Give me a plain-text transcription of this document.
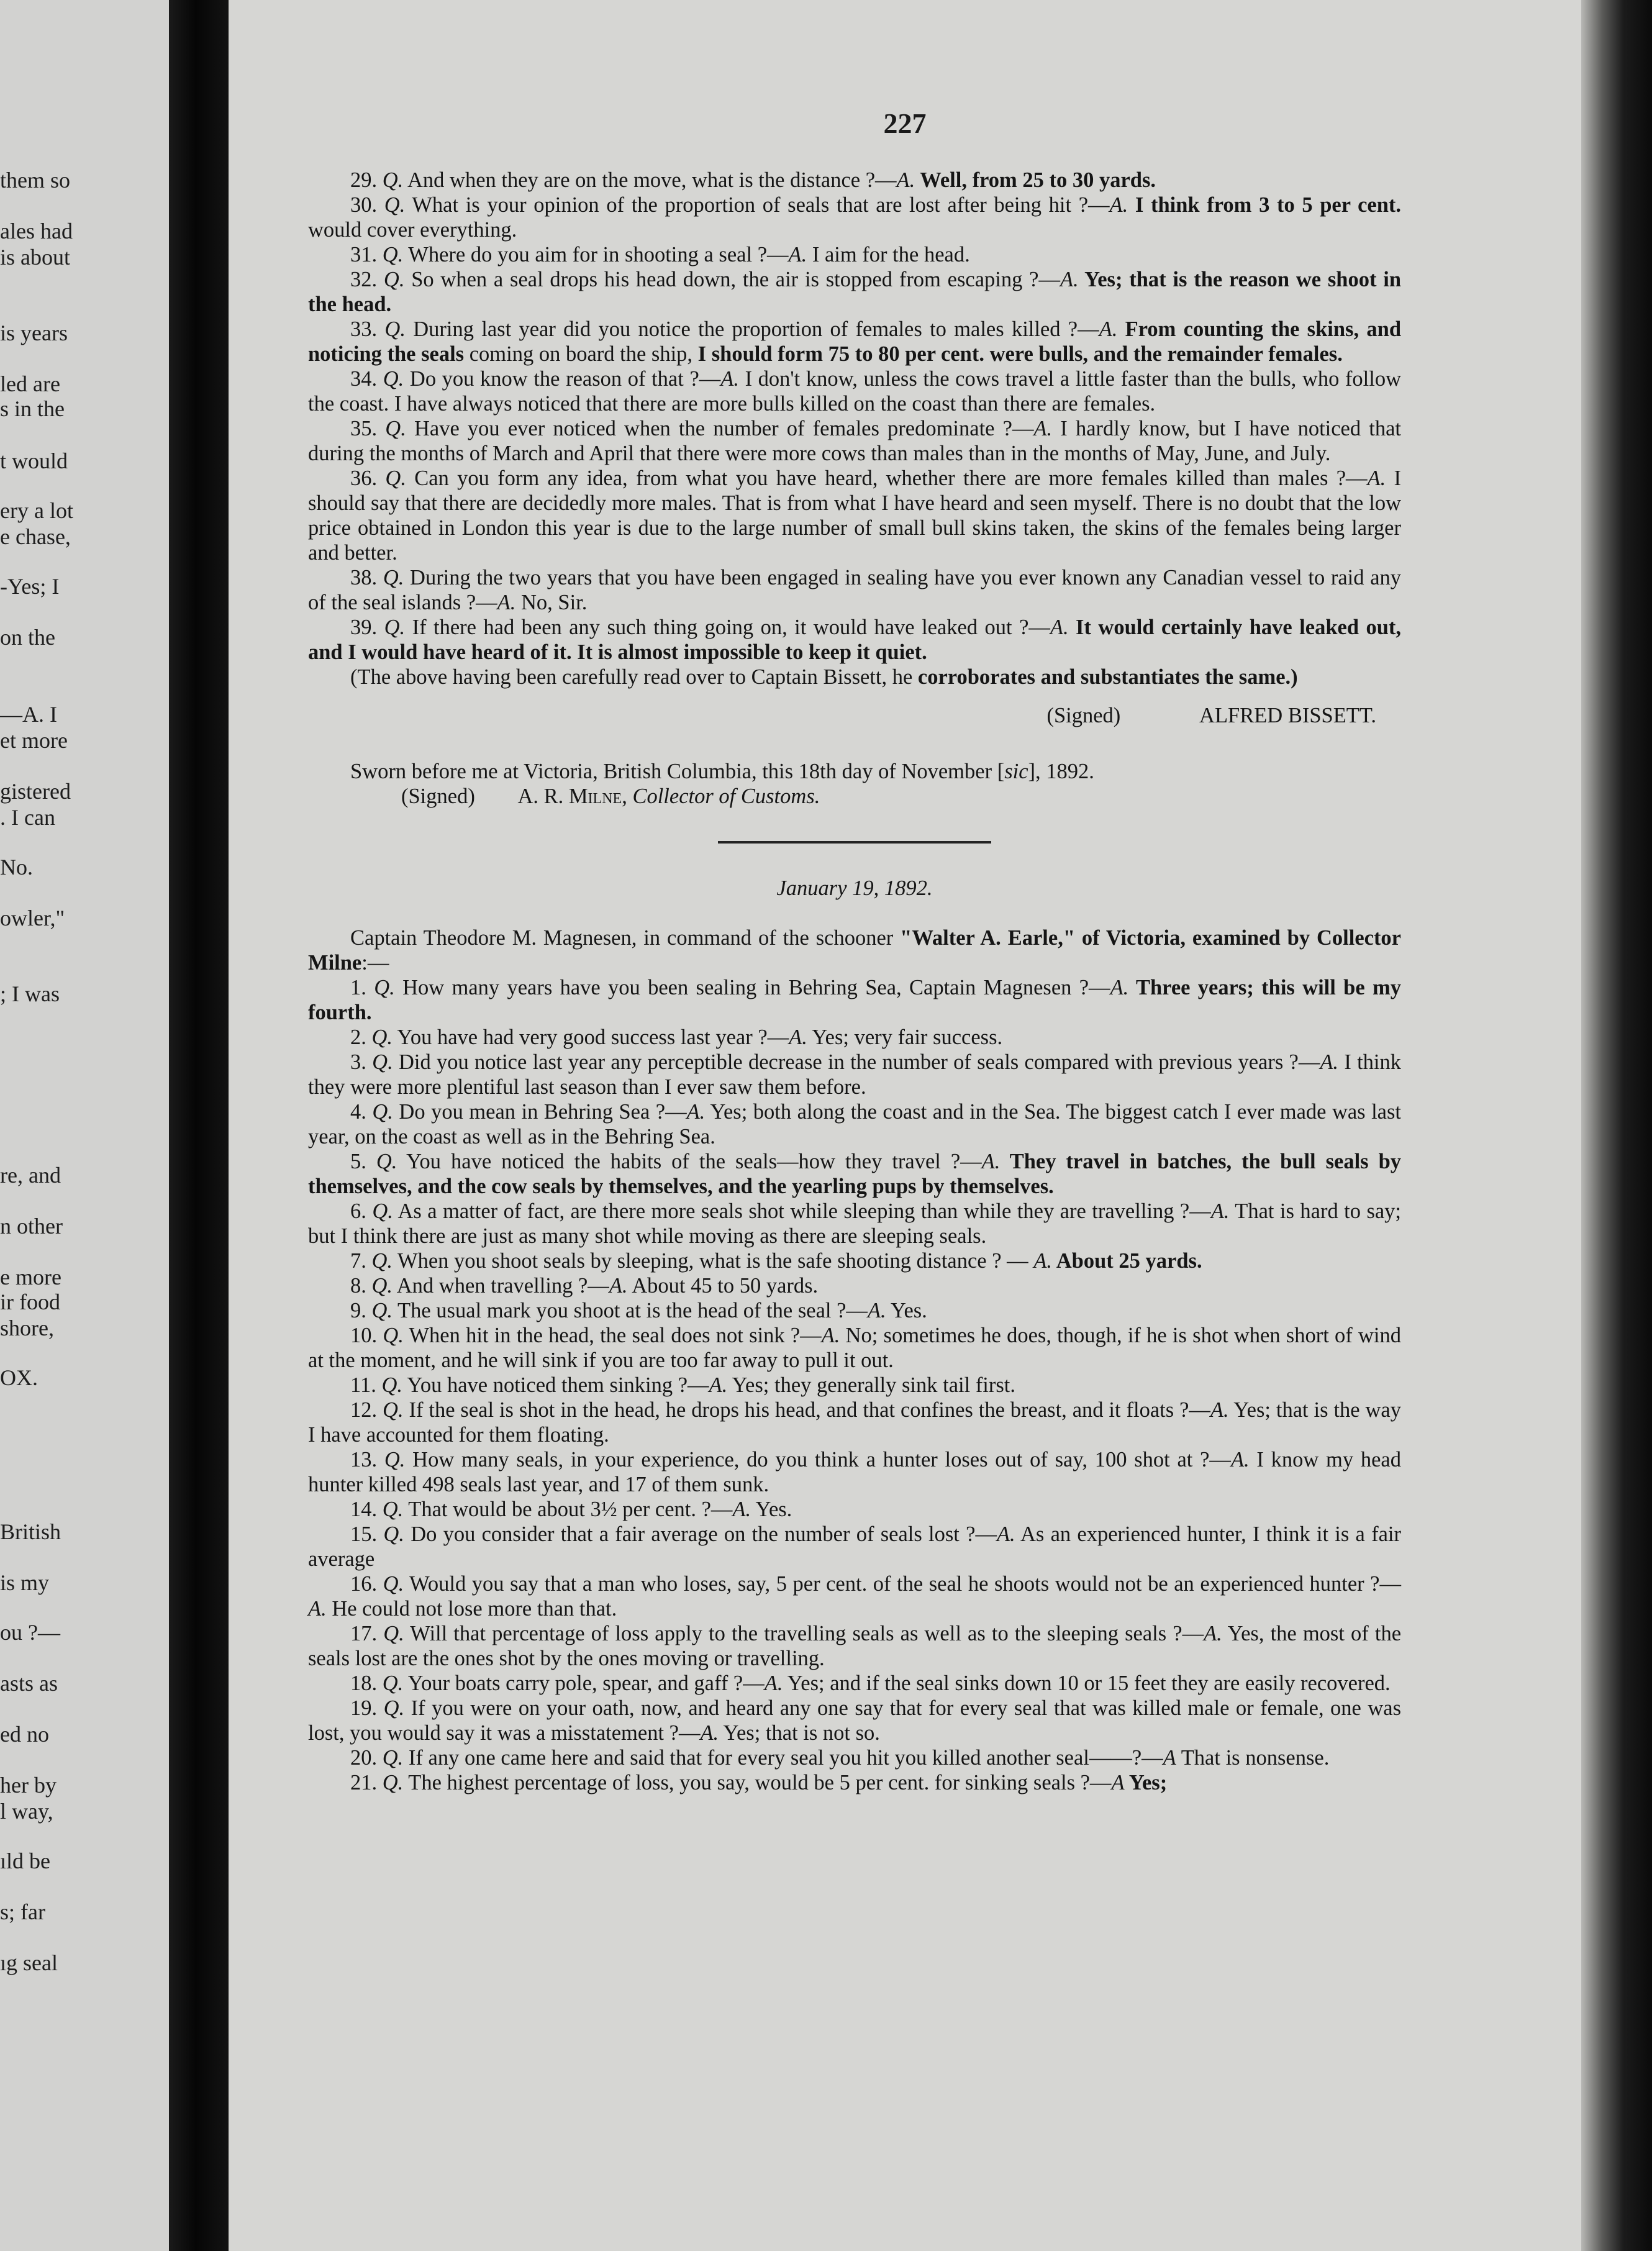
them so
ales had
is about
is years
led are
s in the
t would
ery a lot
e chase,
-Yes; I
on the
—A. I
et more
gistered
. I can
No.
owler,"
; I was
re, and
n other
e more
ir food
shore,
OX.
British
is my
ou ?—
asts as
ed no
her by
l way,
ıld be
s; far
ıg seal
227

29. Q. And when they are on the move, what is the distance ?—A. Well, from 25 to 30 yards.

30. Q. What is your opinion of the proportion of seals that are lost after being hit ?—A. I think from 3 to 5 per cent. would cover everything.

31. Q. Where do you aim for in shooting a seal ?—A. I aim for the head.

32. Q. So when a seal drops his head down, the air is stopped from escaping ?—A. Yes; that is the reason we shoot in the head.

33. Q. During last year did you notice the proportion of females to males killed ?—A. From counting the skins, and noticing the seals coming on board the ship, I should form 75 to 80 per cent. were bulls, and the remainder females.

34. Q. Do you know the reason of that ?—A. I don't know, unless the cows travel a little faster than the bulls, who follow the coast. I have always noticed that there are more bulls killed on the coast than there are females.

35. Q. Have you ever noticed when the number of females predominate ?—A. I hardly know, but I have noticed that during the months of March and April that there were more cows than males than in the months of May, June, and July.

36. Q. Can you form any idea, from what you have heard, whether there are more females killed than males ?—A. I should say that there are decidedly more males. That is from what I have heard and seen myself. There is no doubt that the low price obtained in London this year is due to the large number of small bull skins taken, the skins of the females being larger and better.

38. Q. During the two years that you have been engaged in sealing have you ever known any Canadian vessel to raid any of the seal islands ?—A. No, Sir.

39. Q. If there had been any such thing going on, it would have leaked out ?—A. It would certainly have leaked out, and I would have heard of it. It is almost impossible to keep it quiet.

(The above having been carefully read over to Captain Bissett, he corroborates and substantiates the same.)

(Signed)	ALFRED BISSETT.

Sworn before me at Victoria, British Columbia, this 18th day of November [sic], 1892.

(Signed) A. R. Milne, Collector of Customs.

January 19, 1892.

Captain Theodore M. Magnesen, in command of the schooner "Walter A. Earle," of Victoria, examined by Collector Milne:—

1. Q. How many years have you been sealing in Behring Sea, Captain Magnesen ?—A. Three years; this will be my fourth.

2. Q. You have had very good success last year ?—A. Yes; very fair success.

3. Q. Did you notice last year any perceptible decrease in the number of seals compared with previous years ?—A. I think they were more plentiful last season than I ever saw them before.

4. Q. Do you mean in Behring Sea ?—A. Yes; both along the coast and in the Sea. The biggest catch I ever made was last year, on the coast as well as in the Behring Sea.

5. Q. You have noticed the habits of the seals—how they travel ?—A. They travel in batches, the bull seals by themselves, and the cow seals by themselves, and the yearling pups by themselves.

6. Q. As a matter of fact, are there more seals shot while sleeping than while they are travelling ?—A. That is hard to say; but I think there are just as many shot while moving as there are sleeping seals.

7. Q. When you shoot seals by sleeping, what is the safe shooting distance ? — A. About 25 yards.

8. Q. And when travelling ?—A. About 45 to 50 yards.

9. Q. The usual mark you shoot at is the head of the seal ?—A. Yes.

10. Q. When hit in the head, the seal does not sink ?—A. No; sometimes he does, though, if he is shot when short of wind at the moment, and he will sink if you are too far away to pull it out.

11. Q. You have noticed them sinking ?—A. Yes; they generally sink tail first.

12. Q. If the seal is shot in the head, he drops his head, and that confines the breast, and it floats ?—A. Yes; that is the way I have accounted for them floating.

13. Q. How many seals, in your experience, do you think a hunter loses out of say, 100 shot at ?—A. I know my head hunter killed 498 seals last year, and 17 of them sunk.

14. Q. That would be about 3½ per cent. ?—A. Yes.

15. Q. Do you consider that a fair average on the number of seals lost ?—A. As an experienced hunter, I think it is a fair average

16. Q. Would you say that a man who loses, say, 5 per cent. of the seal he shoots would not be an experienced hunter ?—A. He could not lose more than that.

17. Q. Will that percentage of loss apply to the travelling seals as well as to the sleeping seals ?—A. Yes, the most of the seals lost are the ones shot by the ones moving or travelling.

18. Q. Your boats carry pole, spear, and gaff ?—A. Yes; and if the seal sinks down 10 or 15 feet they are easily recovered.

19. Q. If you were on your oath, now, and heard any one say that for every seal that was killed male or female, one was lost, you would say it was a misstatement ?—A. Yes; that is not so.

20. Q. If any one came here and said that for every seal you hit you killed another seal——?—A That is nonsense.

21. Q. The highest percentage of loss, you say, would be 5 per cent. for sinking seals ?—A Yes;
